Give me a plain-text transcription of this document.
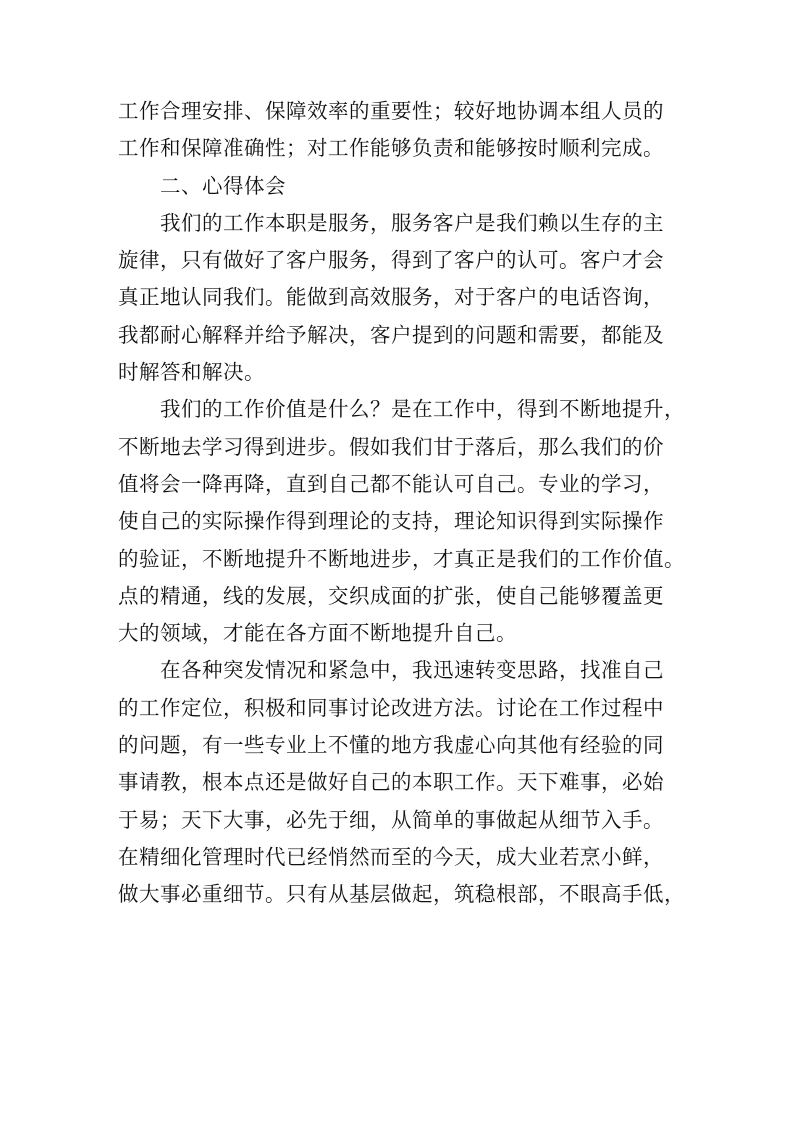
工作合理安排、保障效率的重要性；较好地协调本组人员的
工作和保障准确性；对工作能够负责和能够按时顺利完成。
二、心得体会
我们的工作本职是服务，服务客户是我们赖以生存的主
旋律，只有做好了客户服务，得到了客户的认可。客户才会
真正地认同我们。能做到高效服务，对于客户的电话咨询，
我都耐心解释并给予解决，客户提到的问题和需要，都能及
时解答和解决。
我们的工作价值是什么？是在工作中，得到不断地提升，
不断地去学习得到进步。假如我们甘于落后，那么我们的价
值将会一降再降，直到自己都不能认可自己。专业的学习，
使自己的实际操作得到理论的支持，理论知识得到实际操作
的验证，不断地提升不断地进步，才真正是我们的工作价值。
点的精通，线的发展，交织成面的扩张，使自己能够覆盖更
大的领域，才能在各方面不断地提升自己。
在各种突发情况和紧急中，我迅速转变思路，找准自己
的工作定位，积极和同事讨论改进方法。讨论在工作过程中
的问题，有一些专业上不懂的地方我虚心向其他有经验的同
事请教，根本点还是做好自己的本职工作。天下难事，必始
于易；天下大事，必先于细，从简单的事做起从细节入手。
在精细化管理时代已经悄然而至的今天，成大业若烹小鲜，
做大事必重细节。只有从基层做起，筑稳根部，不眼高手低，
